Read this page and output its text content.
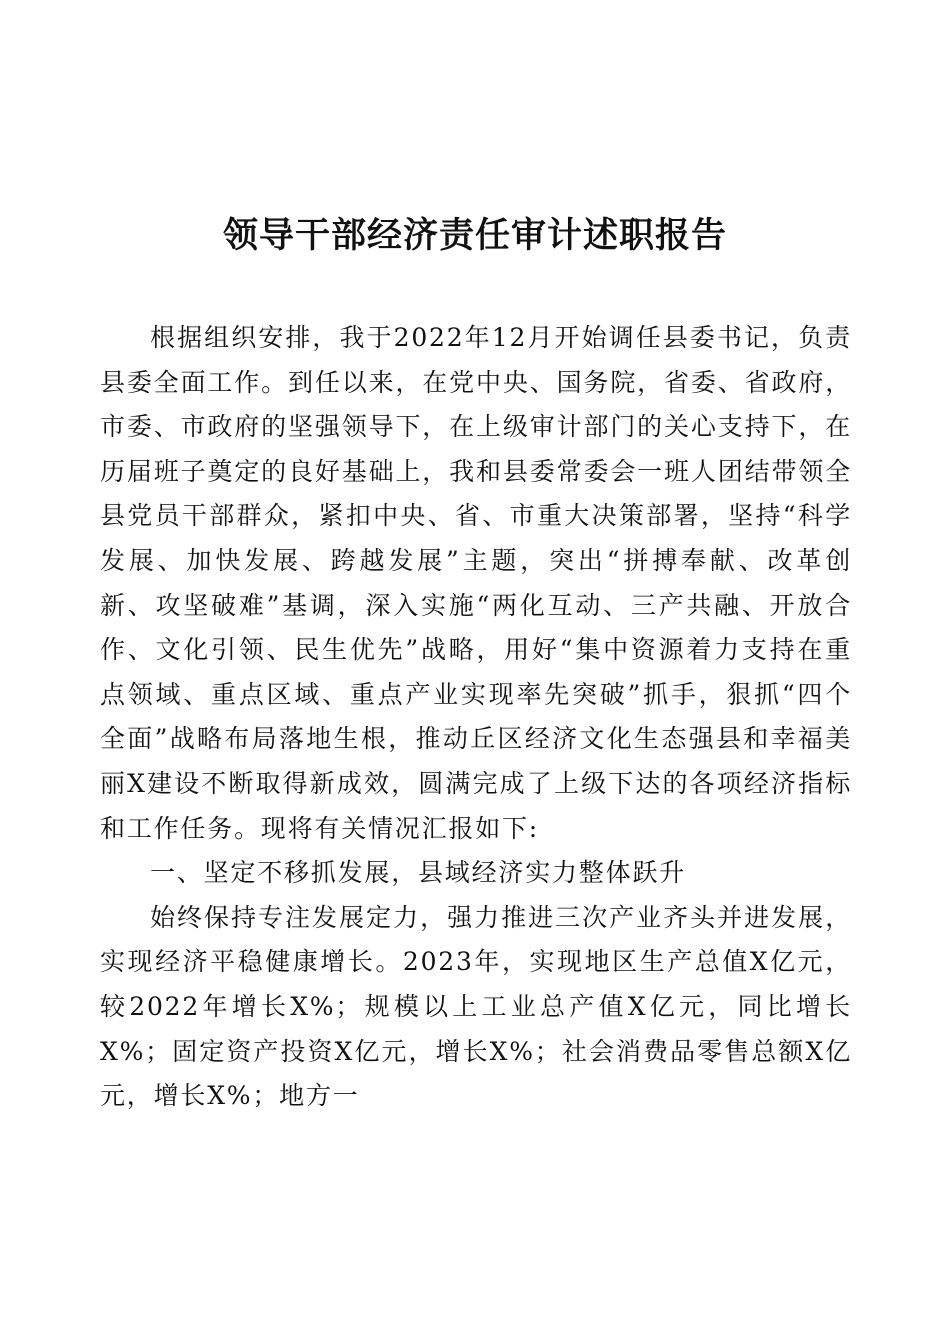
领导干部经济责任审计述职报告

根据组织安排，我于2022年12月开始调任县委书记，负责县委全面工作。到任以来，在党中央、国务院，省委、省政府，市委、市政府的坚强领导下，在上级审计部门的关心支持下，在历届班子奠定的良好基础上，我和县委常委会一班人团结带领全县党员干部群众，紧扣中央、省、市重大决策部署，坚持“科学发展、加快发展、跨越发展”主题，突出“拼搏奉献、改革创新、攻坚破难”基调，深入实施“两化互动、三产共融、开放合作、文化引领、民生优先”战略，用好“集中资源着力支持在重点领域、重点区域、重点产业实现率先突破”抓手，狠抓“四个全面”战略布局落地生根，推动丘区经济文化生态强县和幸福美丽X建设不断取得新成效，圆满完成了上级下达的各项经济指标和工作任务。现将有关情况汇报如下:

一、坚定不移抓发展，县域经济实力整体跃升

始终保持专注发展定力，强力推进三次产业齐头并进发展，实现经济平稳健康增长。2023年，实现地区生产总值X亿元，较2022年增长X%；规模以上工业总产值X亿元，同比增长X%；固定资产投资X亿元，增长X%；社会消费品零售总额X亿元，增长X%；地方一
